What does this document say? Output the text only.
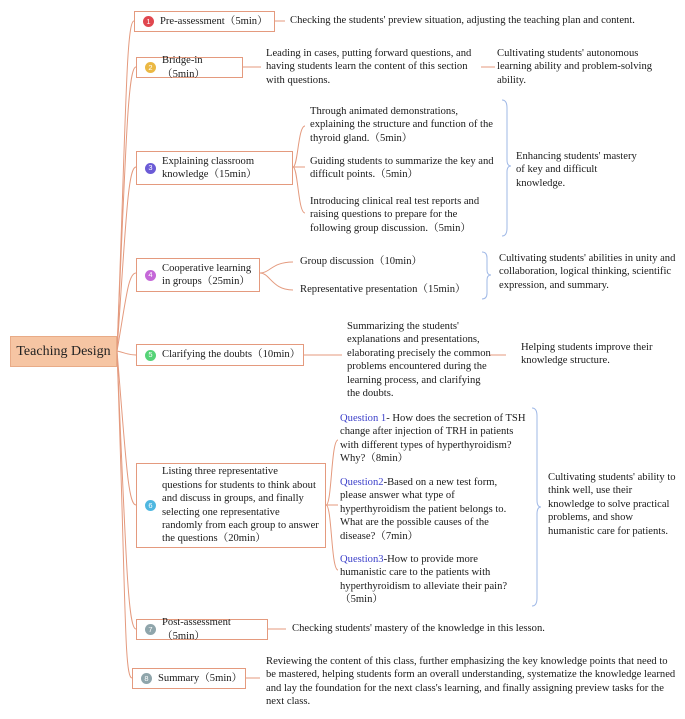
Teaching Design
1 Pre-assessment（5min） Checking the students' preview situation, adjusting the teaching plan and content.
2
Bridge-in（5min）
Leading in cases, putting forward questions, and having students learn the content of this section with questions.
Cultivating students' autonomous learning ability and problem-solving ability.
3
Explaining classroom knowledge（15min）
Through animated demonstrations, explaining the structure and function of the thyroid gland.（5min）
Guiding students to summarize the key and difficult points.（5min）
Introducing clinical real test reports and raising questions to prepare for the following group discussion.（5min）
Enhancing students' mastery of key and difficult knowledge.
4
Cooperative learning in groups（25min）
Group discussion（10min）
Representative presentation（15min）
Cultivating students' abilities in unity and collaboration, logical thinking, scientific expression, and summary.
5 Clarifying the doubts（10min）
Summarizing the students' explanations and presentations, elaborating precisely the common problems encountered during the learning process, and clarifying the doubts.
Helping students improve their knowledge structure.
6
Listing three representative questions for students to think about and discuss in groups, and finally selecting one representative randomly from each group to answer the questions（20min）
Question 1- How does the secretion of TSH change after injection of TRH in patients with different types of hyperthyroidism? Why?（8min）
Question2-Based on a new test form, please answer what type of hyperthyroidism the patient belongs to. What are the possible causes of the disease?（7min）
Question3-How to provide more humanistic care to the patients with hyperthyroidism to alleviate their pain?（5min）
Cultivating students' ability to think well, use their knowledge to solve practical problems, and show humanistic care for patients.
7
Post-assessment（5min）
Checking students' mastery of the knowledge in this lesson.
8 Summary（5min）
Reviewing the content of this class, further emphasizing the key knowledge points that need to be mastered, helping students form an overall understanding, systematize the knowledge learned and lay the foundation for the next class's learning, and finally assigning preview tasks for the next class.
